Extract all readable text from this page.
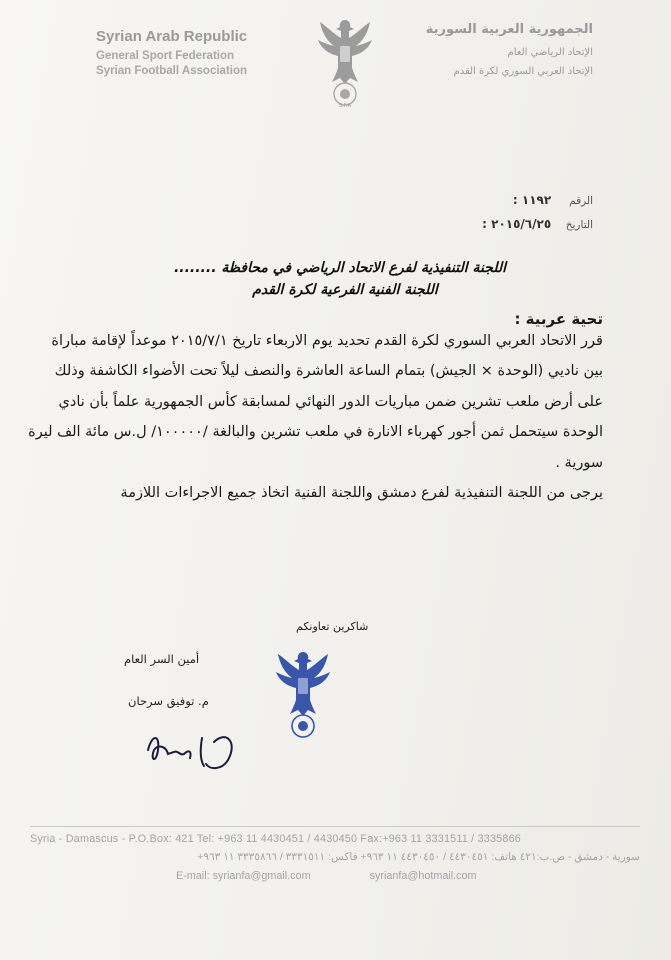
Syrian Arab Republic
General Sport Federation
Syrian Football Association
S.F.A
الجمهورية العربية السورية
الإتحاد الرياضي العام
الإتحاد العربي السوري لكرة القدم
الرقم ١١٩٢ :
التاريخ ٢٠١٥/٦/٢٥ :
اللجنة التنفيذية لفرع الاتحاد الرياضي في محافظة ........
اللجنة الفنية الفرعية لكرة القدم
تحية عربية :

قرر الاتحاد العربي السوري لكرة القدم تحديد يوم الاربعاء تاريخ ٢٠١٥/٧/١ موعداً لإقامة مباراة بين ناديي (الوحدة × الجيش) بتمام الساعة العاشرة والنصف ليلاً تحت الأضواء الكاشفة وذلك على أرض ملعب تشرين ضمن مباريات الدور النهائي لمسابقة كأس الجمهورية علماً بأن نادي الوحدة سيتحمل ثمن أجور كهرباء الانارة في ملعب تشرين والبالغة /١٠٠٠٠٠/ ل.س مائة الف ليرة سورية .

يرجى من اللجنة التنفيذية لفرع دمشق واللجنة الفنية اتخاذ جميع الاجراءات اللازمة

شاكرين تعاونكم
أمين السر العام
م. توفيق سرحان
Syria - Damascus - P.O.Box: 421 Tel: +963 11 4430451 / 4430450 Fax:+963 11 3331511 / 3335866
سورية - دمشق - ص.ب:٤٢١ هاتف: ٤٤٣٠٤٥١ / ٤٤٣٠٤٥٠ ١١ ٩٦٣+ فاكس: ٣٣٣١٥١١ / ٣٣٣٥٨٦٦ ١١ ٩٦٣+
E-mail: syrianfa@gmail.com	syrianfa@hotmail.com
